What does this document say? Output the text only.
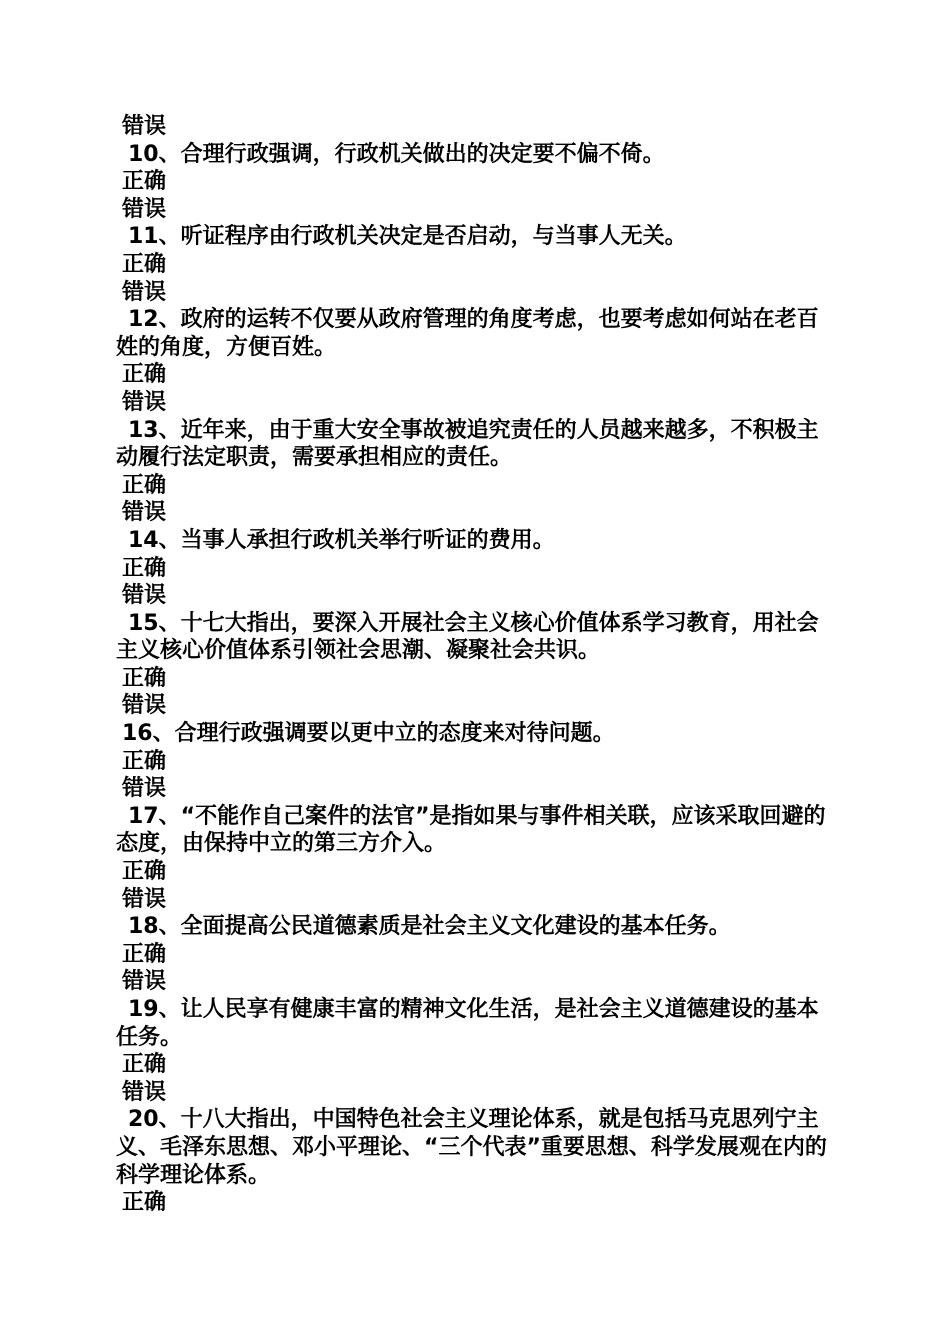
错误
10、合理行政强调，行政机关做出的决定要不偏不倚。
正确
错误
11、听证程序由行政机关决定是否启动，与当事人无关。
正确
错误
12、政府的运转不仅要从政府管理的角度考虑，也要考虑如何站在老百姓的角度，方便百姓。
正确
错误
13、近年来，由于重大安全事故被追究责任的人员越来越多，不积极主动履行法定职责，需要承担相应的责任。
正确
错误
14、当事人承担行政机关举行听证的费用。
正确
错误
15、十七大指出，要深入开展社会主义核心价值体系学习教育，用社会主义核心价值体系引领社会思潮、凝聚社会共识。
正确
错误
16、合理行政强调要以更中立的态度来对待问题。
正确
错误
17、“不能作自己案件的法官”是指如果与事件相关联，应该采取回避的态度，由保持中立的第三方介入。
正确
错误
18、全面提高公民道德素质是社会主义文化建设的基本任务。
正确
错误
19、让人民享有健康丰富的精神文化生活，是社会主义道德建设的基本任务。
正确
错误
20、十八大指出，中国特色社会主义理论体系，就是包括马克思列宁主义、毛泽东思想、邓小平理论、“三个代表”重要思想、科学发展观在内的科学理论体系。
正确
